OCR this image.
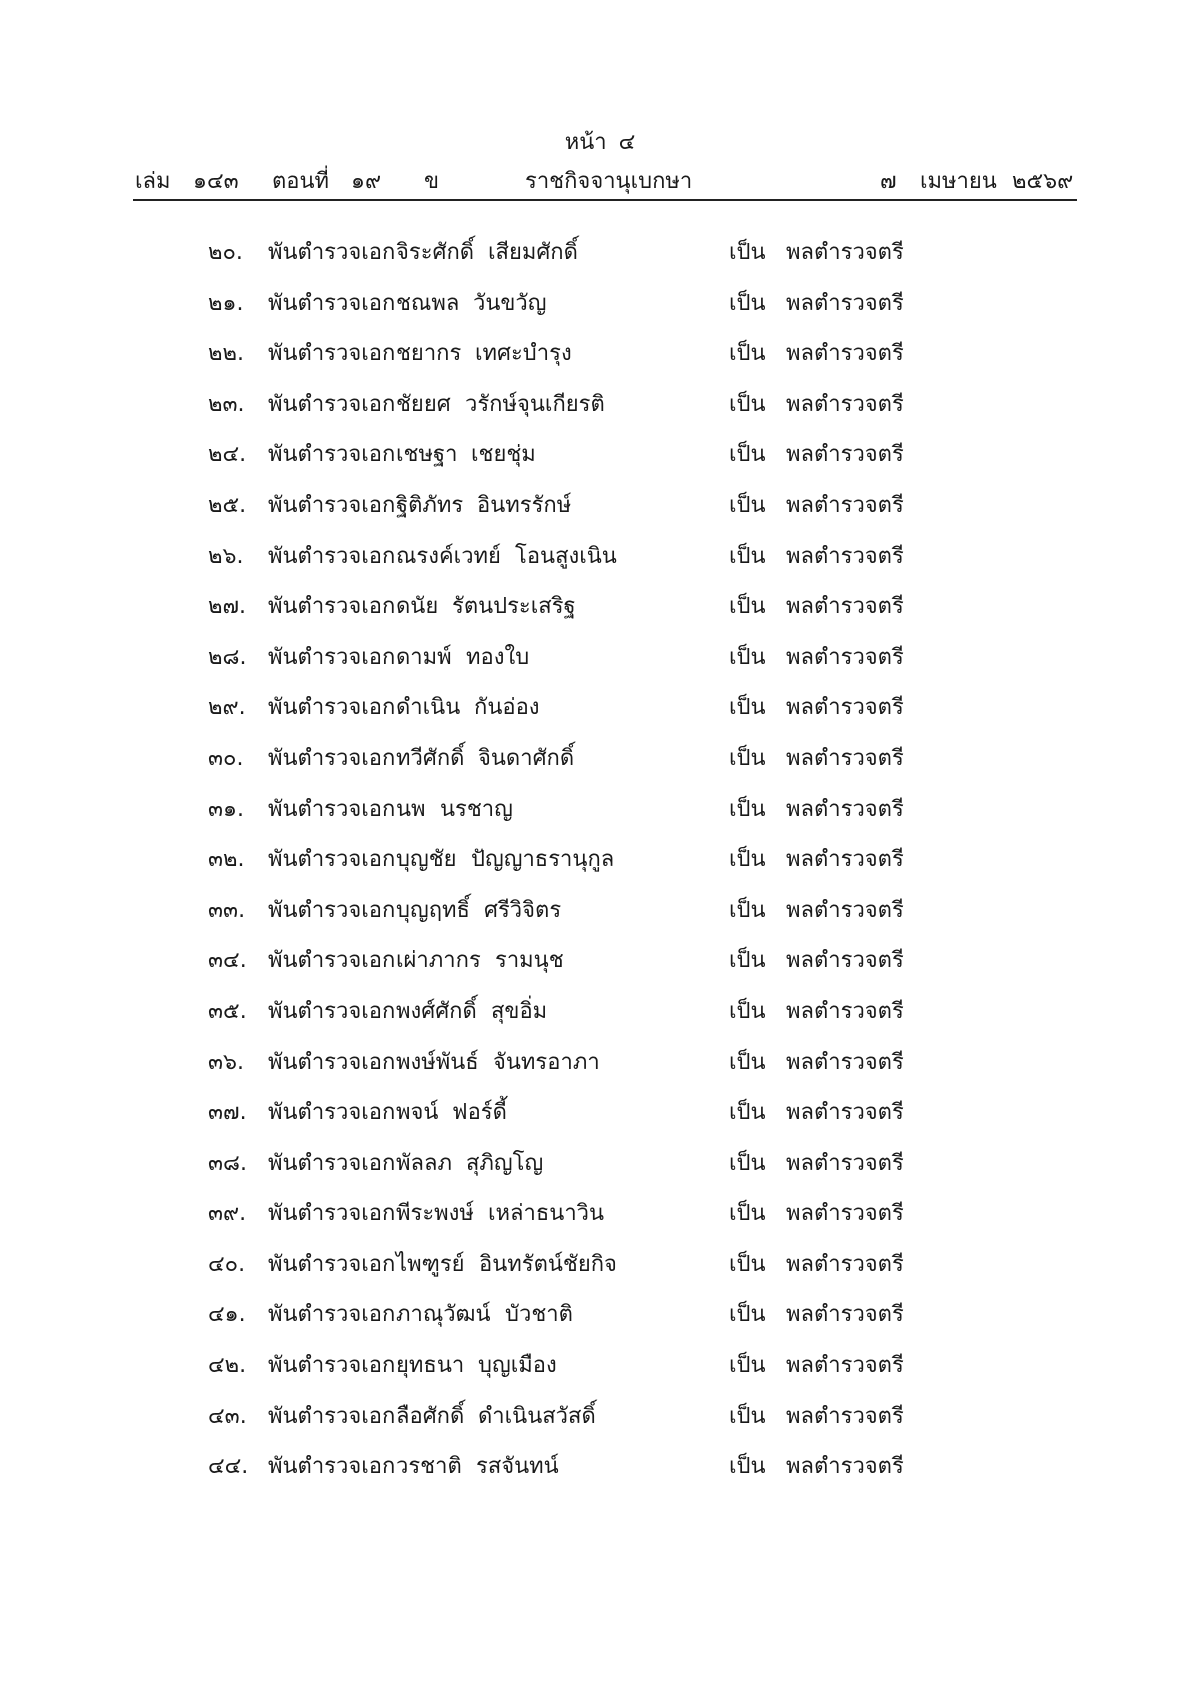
หน้า ๔
เล่ม ๑๔๓ ตอนที่ ๑๙ ข	ราชกิจจานุเบกษา	๗ เมษายน ๒๕๖๙
๒๐. พันตำรวจเอก จิระศักดิ์ เสียมศักดิ์	เป็น พลตำรวจตรี
๒๑. พันตำรวจเอก ชณพล วันขวัญ	เป็น พลตำรวจตรี
๒๒. พันตำรวจเอก ชยากร เทศะบำรุง	เป็น พลตำรวจตรี
๒๓. พันตำรวจเอก ชัยยศ วรักษ์จุนเกียรติ	เป็น พลตำรวจตรี
๒๔. พันตำรวจเอก เชษฐา เชยชุ่ม	เป็น พลตำรวจตรี
๒๕. พันตำรวจเอก ฐิติภัทร อินทรรักษ์	เป็น พลตำรวจตรี
๒๖. พันตำรวจเอก ณรงค์เวทย์ โอนสูงเนิน	เป็น พลตำรวจตรี
๒๗. พันตำรวจเอก ดนัย รัตนประเสริฐ	เป็น พลตำรวจตรี
๒๘. พันตำรวจเอก ดามพ์ ทองใบ	เป็น พลตำรวจตรี
๒๙. พันตำรวจเอก ดำเนิน กันอ่อง	เป็น พลตำรวจตรี
๓๐. พันตำรวจเอก ทวีศักดิ์ จินดาศักดิ์	เป็น พลตำรวจตรี
๓๑. พันตำรวจเอก นพ นรชาญ	เป็น พลตำรวจตรี
๓๒. พันตำรวจเอก บุญชัย ปัญญาธรานุกูล	เป็น พลตำรวจตรี
๓๓. พันตำรวจเอก บุญฤทธิ์ ศรีวิจิตร	เป็น พลตำรวจตรี
๓๔. พันตำรวจเอก เผ่าภากร รามนุช	เป็น พลตำรวจตรี
๓๕. พันตำรวจเอก พงศ์ศักดิ์ สุขอิ่ม	เป็น พลตำรวจตรี
๓๖. พันตำรวจเอก พงษ์พันธ์ จันทรอาภา	เป็น พลตำรวจตรี
๓๗. พันตำรวจเอก พจน์ ฟอร์ดี้	เป็น พลตำรวจตรี
๓๘. พันตำรวจเอก พัลลภ สุภิญโญ	เป็น พลตำรวจตรี
๓๙. พันตำรวจเอก พีระพงษ์ เหล่าธนาวิน	เป็น พลตำรวจตรี
๔๐. พันตำรวจเอก ไพฑูรย์ อินทรัตน์ชัยกิจ	เป็น พลตำรวจตรี
๔๑. พันตำรวจเอก ภาณุวัฒน์ บัวชาติ	เป็น พลตำรวจตรี
๔๒. พันตำรวจเอก ยุทธนา บุญเมือง	เป็น พลตำรวจตรี
๔๓. พันตำรวจเอก ลือศักดิ์ ดำเนินสวัสดิ์	เป็น พลตำรวจตรี
๔๔. พันตำรวจเอก วรชาติ รสจันทน์	เป็น พลตำรวจตรี
